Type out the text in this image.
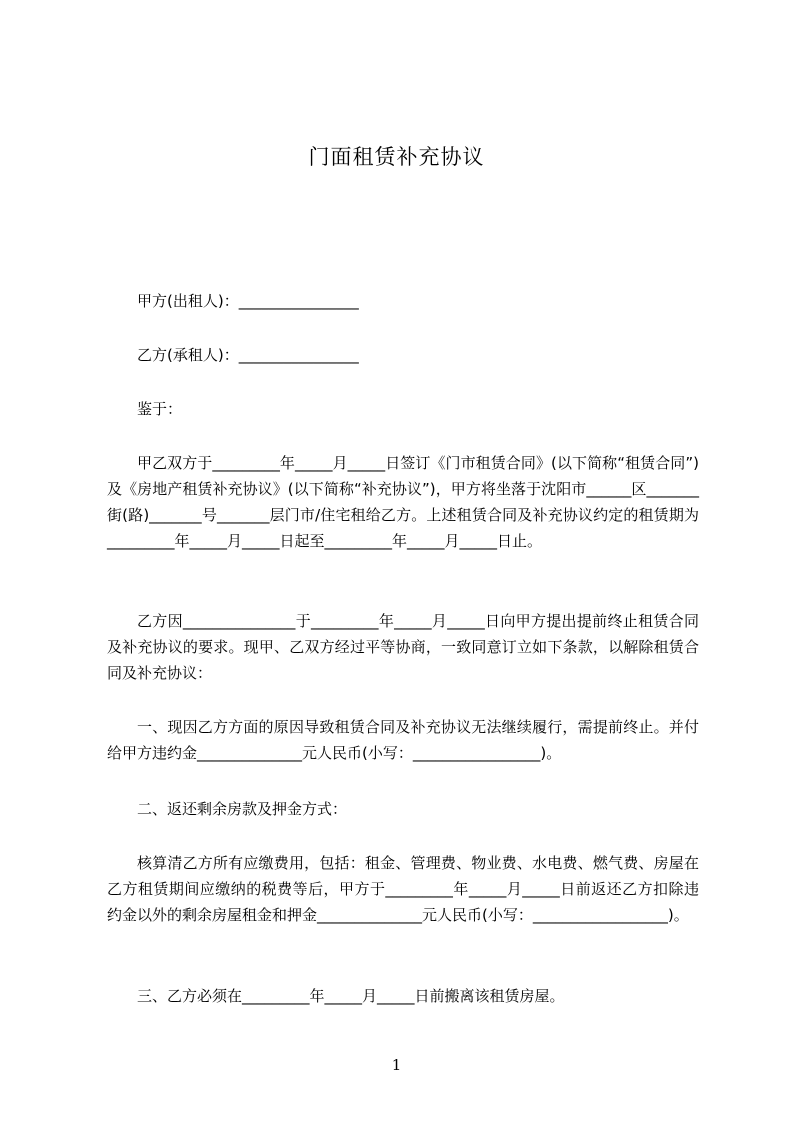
门面租赁补充协议
甲方(出租人)：________________
乙方(承租人)：________________
鉴于：

甲乙双方于_________年_____月_____日签订《门市租赁合同》(以下简称“租赁合同”)及《房地产租赁补充协议》(以下简称“补充协议”)，甲方将坐落于沈阳市______区_______街(路)_______号_______层门市/住宅租给乙方。上述租赁合同及补充协议约定的租赁期为_________年_____月_____日起至_________年_____月_____日止。

乙方因_______________于_________年_____月_____日向甲方提出提前终止租赁合同及补充协议的要求。现甲、乙双方经过平等协商，一致同意订立如下条款，以解除租赁合同及补充协议：

一、现因乙方方面的原因导致租赁合同及补充协议无法继续履行，需提前终止。并付给甲方违约金______________元人民币(小写：_________________)。

二、返还剩余房款及押金方式：

核算清乙方所有应缴费用，包括：租金、管理费、物业费、水电费、燃气费、房屋在乙方租赁期间应缴纳的税费等后，甲方于_________年_____月_____日前返还乙方扣除违约金以外的剩余房屋租金和押金______________元人民币(小写：__________________)。

三、乙方必须在_________年_____月_____日前搬离该租赁房屋。
1
